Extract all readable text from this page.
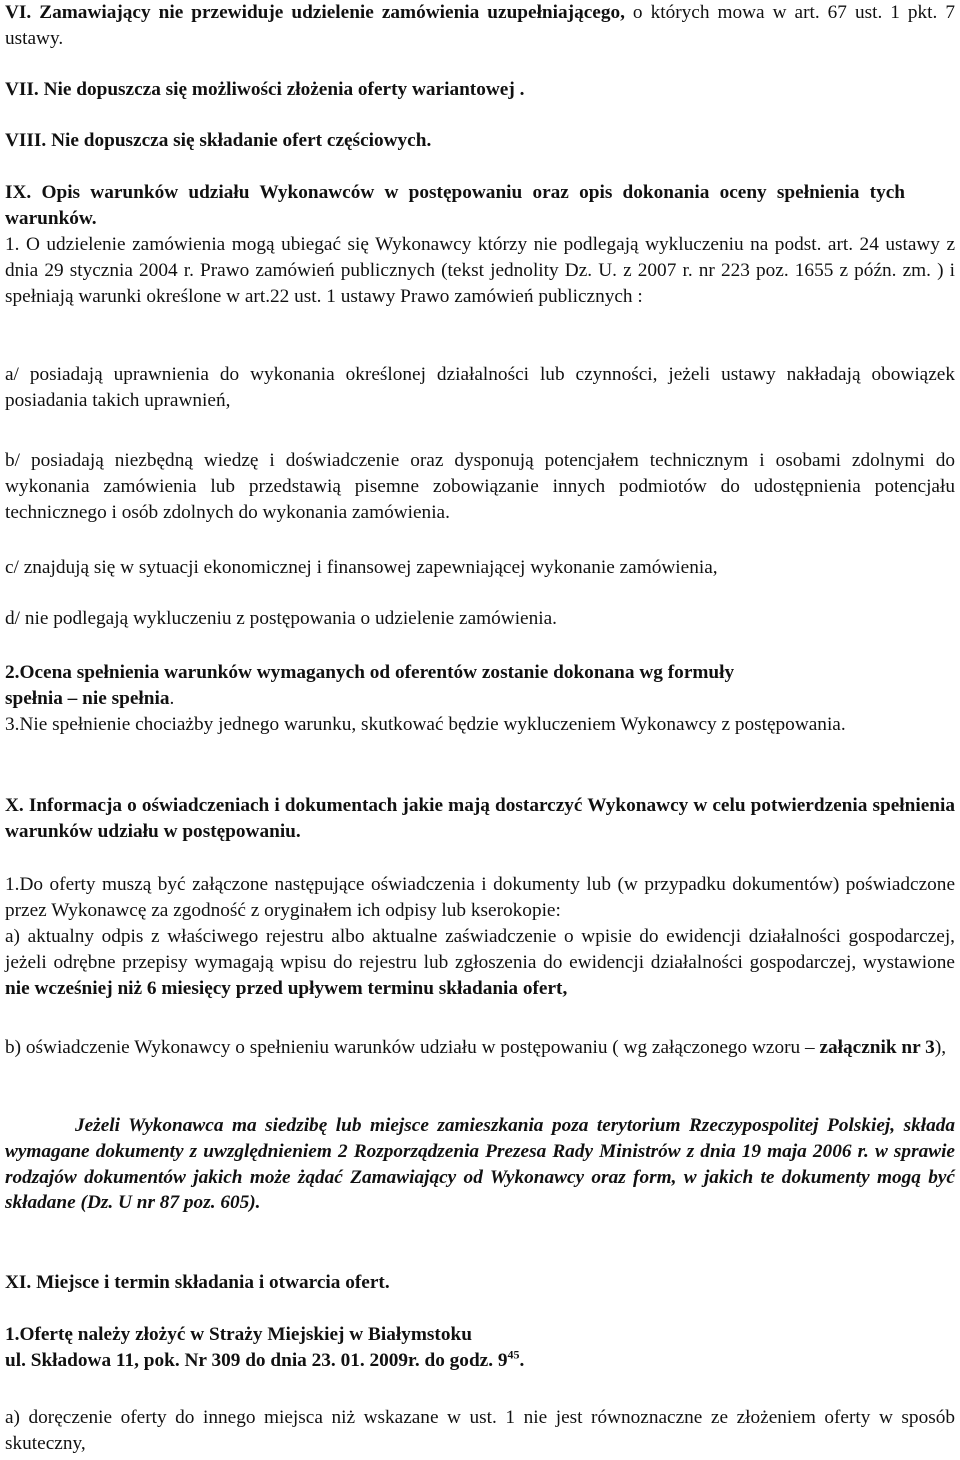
VI. Zamawiający nie przewiduje udzielenie zamówienia uzupełniającego, o których mowa w art. 67 ust. 1 pkt. 7 ustawy.

VII. Nie dopuszcza się możliwości złożenia oferty wariantowej .

VIII. Nie dopuszcza się składanie ofert częściowych.

IX. Opis warunków udziału Wykonawców w postępowaniu oraz opis dokonania oceny spełnienia tych warunków.

1. O udzielenie zamówienia mogą ubiegać się Wykonawcy którzy nie podlegają wykluczeniu na podst. art. 24 ustawy z dnia 29 stycznia 2004 r. Prawo zamówień publicznych (tekst jednolity Dz. U. z 2007 r. nr 223 poz. 1655 z późn. zm. ) i spełniają warunki określone w art.22 ust. 1 ustawy Prawo zamówień publicznych :

a/ posiadają uprawnienia do wykonania określonej działalności lub czynności, jeżeli ustawy nakładają obowiązek posiadania takich uprawnień,

b/ posiadają niezbędną wiedzę i doświadczenie oraz dysponują potencjałem technicznym i osobami zdolnymi do wykonania zamówienia lub przedstawią pisemne zobowiązanie innych podmiotów do udostępnienia potencjału technicznego i osób zdolnych do wykonania zamówienia.

c/ znajdują się w sytuacji ekonomicznej i finansowej zapewniającej wykonanie zamówienia,

d/ nie podlegają wykluczeniu z postępowania o udzielenie zamówienia.

2.Ocena spełnienia warunków wymaganych od oferentów zostanie dokonana wg formuły
spełnia – nie spełnia.

3.Nie spełnienie chociażby jednego warunku, skutkować będzie wykluczeniem Wykonawcy z postępowania.

X. Informacja o oświadczeniach i dokumentach jakie mają dostarczyć Wykonawcy w celu potwierdzenia spełnienia warunków udziału w postępowaniu.

1.Do oferty muszą być załączone następujące oświadczenia i dokumenty lub (w przypadku dokumentów) poświadczone przez Wykonawcę za zgodność z oryginałem ich odpisy lub kserokopie:

a) aktualny odpis z właściwego rejestru albo aktualne zaświadczenie o wpisie do ewidencji działalności gospodarczej, jeżeli odrębne przepisy wymagają wpisu do rejestru lub zgłoszenia do ewidencji działalności gospodarczej, wystawione nie wcześniej niż 6 miesięcy przed upływem terminu składania ofert,

b) oświadczenie Wykonawcy o spełnieniu warunków udziału w postępowaniu ( wg załączonego wzoru – załącznik nr 3),

Jeżeli Wykonawca ma siedzibę lub miejsce zamieszkania poza terytorium Rzeczypospolitej Polskiej, składa wymagane dokumenty z uwzględnieniem 2 Rozporządzenia Prezesa Rady Ministrów z dnia 19 maja 2006 r. w sprawie rodzajów dokumentów jakich może żądać Zamawiający od Wykonawcy oraz form, w jakich te dokumenty mogą być składane (Dz. U nr 87 poz. 605).

XI. Miejsce i termin składania i otwarcia ofert.

1.Ofertę należy złożyć w Straży Miejskiej w Białymstoku
ul. Składowa 11, pok. Nr 309 do dnia 23. 01. 2009r. do godz. $9^{45}$.

a) doręczenie oferty do innego miejsca niż wskazane w ust. 1 nie jest równoznaczne ze złożeniem oferty w sposób skuteczny,
